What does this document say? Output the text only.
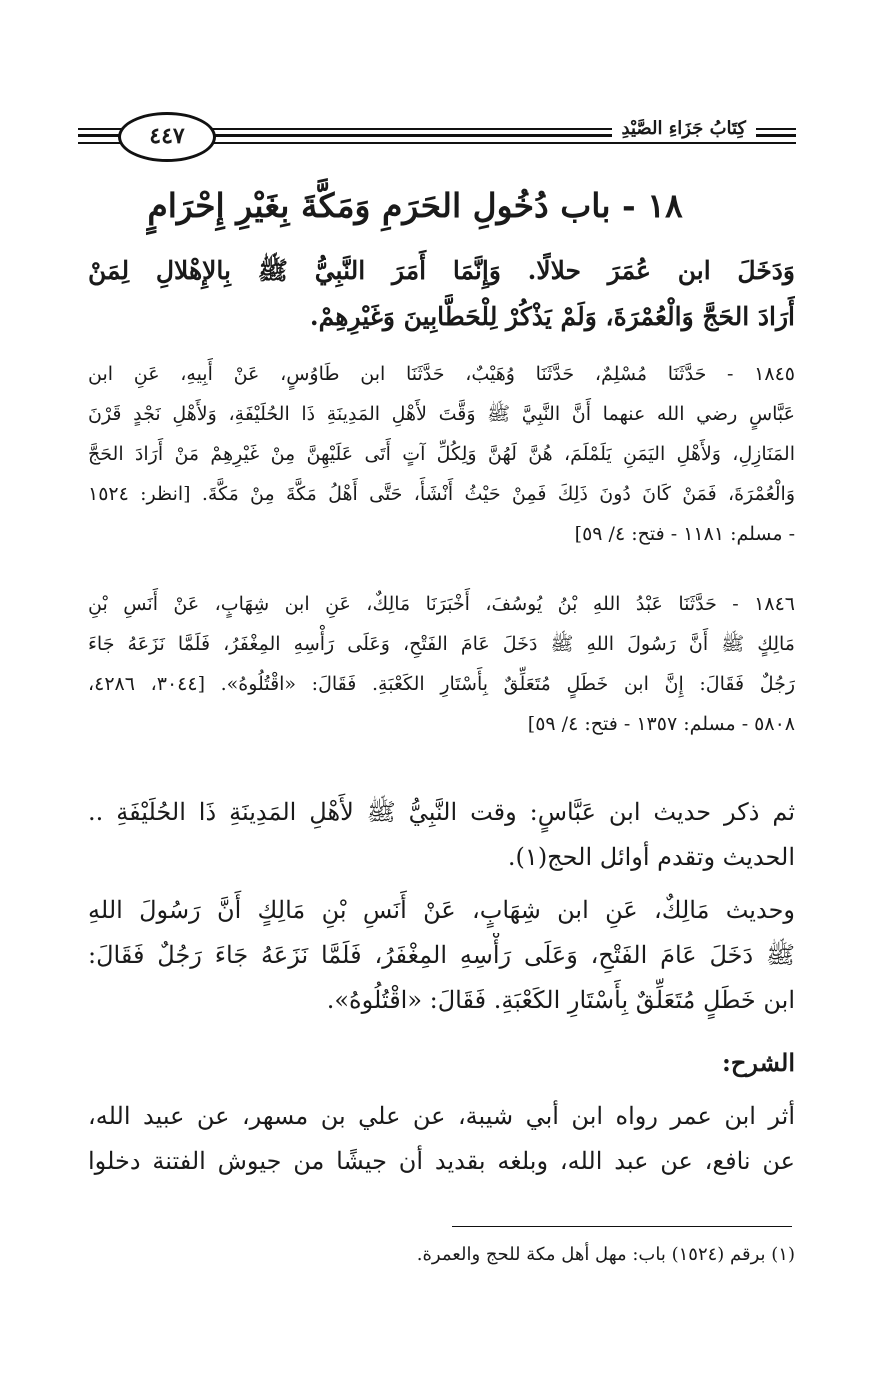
كِتَابُ جَزَاءِ الصَّيْدِ
٤٤٧
١٨ - باب دُخُولِ الحَرَمِ وَمَكَّةَ بِغَيْرِ إِحْرَامٍ
وَدَخَلَ ابن عُمَرَ حلالًا. وَإِنَّمَا أَمَرَ النَّبِيُّ ﷺ بِالإِهْلالِ لِمَنْ
أَرَادَ الحَجَّ وَالْعُمْرَةَ، وَلَمْ يَذْكُرْ لِلْحَطَّابِينَ وَغَيْرِهِمْ.
١٨٤٥ - حَدَّثَنَا مُسْلِمٌ، حَدَّثَنَا وُهَيْبٌ، حَدَّثَنَا ابن طَاوُسٍ، عَنْ أَبِيهِ، عَنِ ابن
عَبَّاسٍ رضي الله عنهما أَنَّ النَّبِيَّ ﷺ وَقَّتَ لأَهْلِ المَدِينَةِ ذَا الحُلَيْفَةِ، وَلأَهْلِ نَجْدٍ قَرْنَ
المَنَازِلِ، وَلأَهْلِ اليَمَنِ يَلَمْلَمَ، هُنَّ لَهُنَّ وَلِكُلِّ آتٍ أَتَى عَلَيْهِنَّ مِنْ غَيْرِهِمْ مَنْ أَرَادَ الحَجَّ
وَالْعُمْرَةَ، فَمَنْ كَانَ دُونَ ذَلِكَ فَمِنْ حَيْثُ أَنْشَأَ، حَتَّى أَهْلُ مَكَّةَ مِنْ مَكَّةَ. [انظر: ١٥٢٤
- مسلم: ١١٨١ - فتح: ٤/ ٥٩]
١٨٤٦ - حَدَّثَنَا عَبْدُ اللهِ بْنُ يُوسُفَ، أَخْبَرَنَا مَالِكٌ، عَنِ ابن شِهَابٍ، عَنْ أَنَسِ بْنِ
مَالِكٍ ﷺ أَنَّ رَسُولَ اللهِ ﷺ دَخَلَ عَامَ الفَتْحِ، وَعَلَى رَأْسِهِ المِغْفَرُ، فَلَمَّا نَزَعَهُ جَاءَ
رَجُلٌ فَقَالَ: إِنَّ ابن خَطَلٍ مُتَعَلِّقٌ بِأَسْتَارِ الكَعْبَةِ. فَقَالَ: «اقْتُلُوهُ». [٣٠٤٤، ٤٢٨٦،
٥٨٠٨ - مسلم: ١٣٥٧ - فتح: ٤/ ٥٩]
ثم ذكر حديث ابن عَبَّاسٍ: وقت النَّبِيُّ ﷺ لأَهْلِ المَدِينَةِ ذَا الحُلَيْفَةِ ..
الحديث وتقدم أوائل الحج(١).
وحديث مَالِكٌ، عَنِ ابن شِهَابٍ، عَنْ أَنَسِ بْنِ مَالِكٍ أَنَّ رَسُولَ اللهِ
ﷺ دَخَلَ عَامَ الفَتْحِ، وَعَلَى رَأْسِهِ المِغْفَرُ، فَلَمَّا نَزَعَهُ جَاءَ رَجُلٌ فَقَالَ:
ابن خَطَلٍ مُتَعَلِّقٌ بِأَسْتَارِ الكَعْبَةِ. فَقَالَ: «اقْتُلُوهُ».
الشرح:
أثر ابن عمر رواه ابن أبي شيبة، عن علي بن مسهر، عن عبيد الله،
عن نافع، عن عبد الله، وبلغه بقديد أن جيشًا من جيوش الفتنة دخلوا
(١) برقم (١٥٢٤) باب: مهل أهل مكة للحج والعمرة.
